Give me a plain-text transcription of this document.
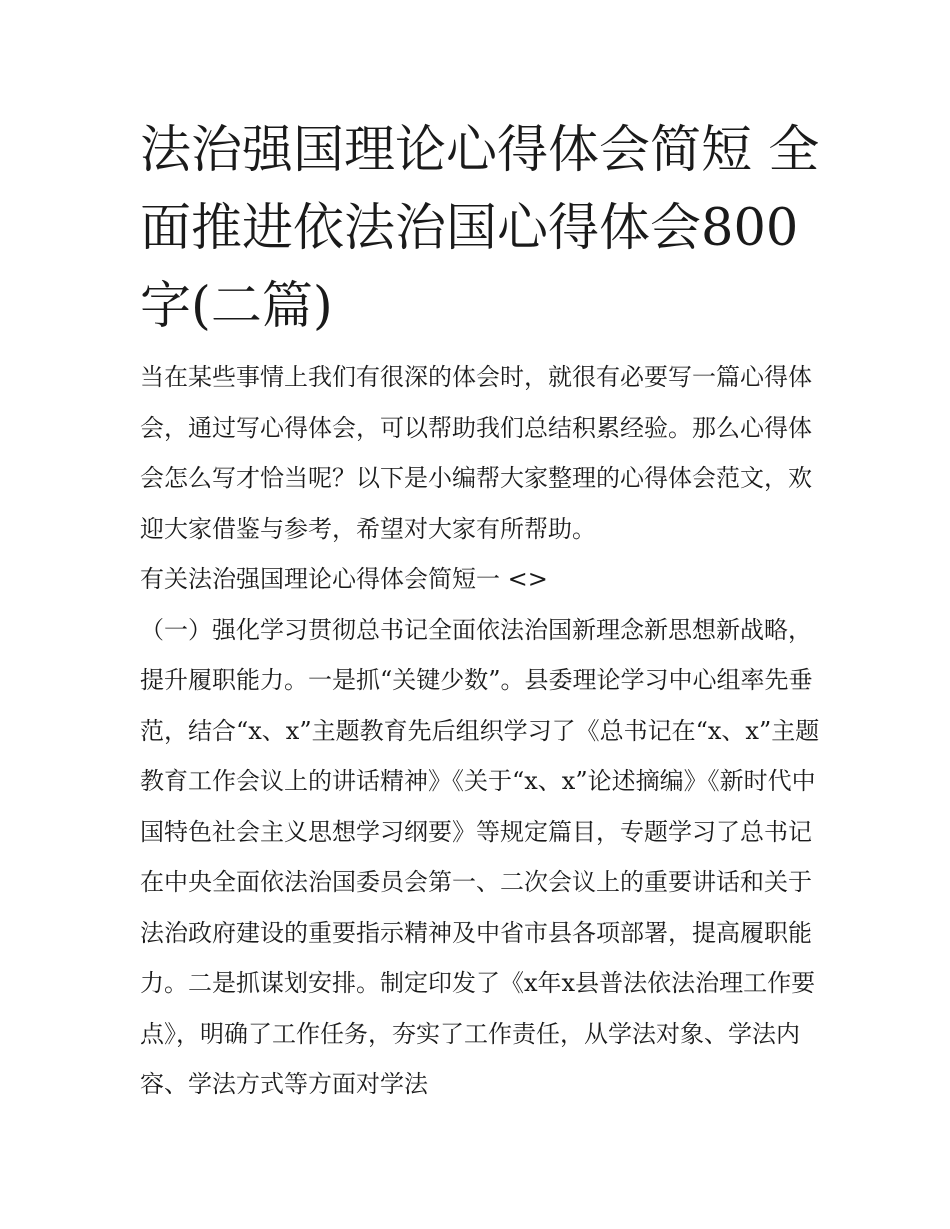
法治强国理论心得体会简短 全面推进依法治国心得体会800字(二篇)

当在某些事情上我们有很深的体会时，就很有必要写一篇心得体会，通过写心得体会，可以帮助我们总结积累经验。那么心得体会怎么写才恰当呢？以下是小编帮大家整理的心得体会范文，欢迎大家借鉴与参考，希望对大家有所帮助。

有关法治强国理论心得体会简短一 <>

（一）强化学习贯彻总书记全面依法治国新理念新思想新战略，提升履职能力。一是抓“关键少数”。县委理论学习中心组率先垂范，结合“x、x”主题教育先后组织学习了《总书记在“x、x”主题教育工作会议上的讲话精神》《关于“x、x”论述摘编》《新时代中国特色社会主义思想学习纲要》等规定篇目，专题学习了总书记在中央全面依法治国委员会第一、二次会议上的重要讲话和关于法治政府建设的重要指示精神及中省市县各项部署，提高履职能力。二是抓谋划安排。制定印发了《x年x县普法依法治理工作要点》，明确了工作任务，夯实了工作责任，从学法对象、学法内容、学法方式等方面对学法
